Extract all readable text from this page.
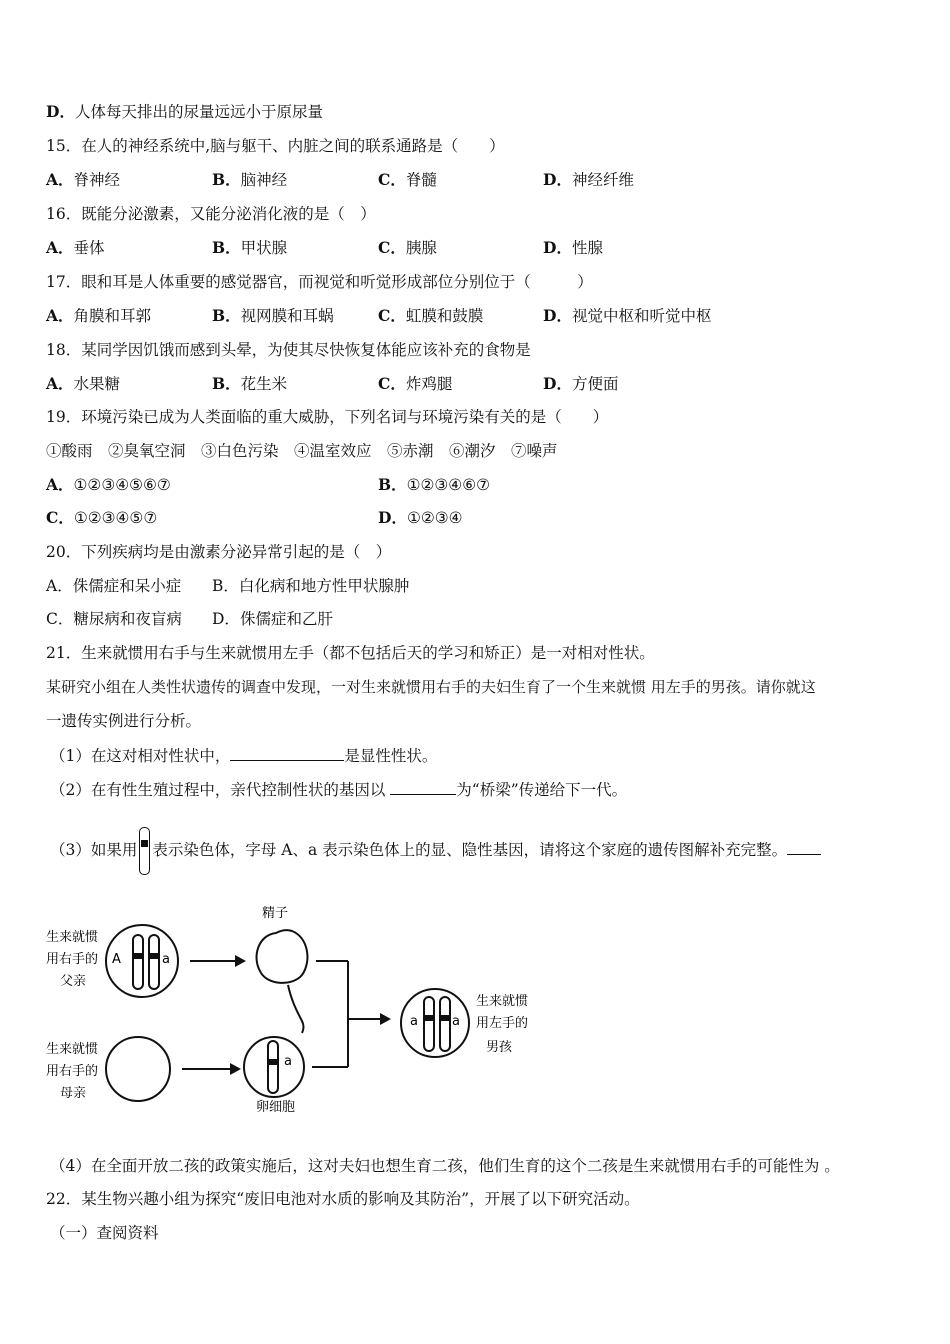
D．人体每天排出的尿量远远小于原尿量
15．在人的神经系统中,脑与躯干、内脏之间的联系通路是（　　）
A．脊神经	B．脑神经	C．脊髓	D．神经纤维
16．既能分泌激素，又能分泌消化液的是（　）
A．垂体	B．甲状腺	C．胰腺	D．性腺
17．眼和耳是人体重要的感觉器官，而视觉和听觉形成部位分别位于（　　　）
A．角膜和耳郭	B．视网膜和耳蜗	C．虹膜和鼓膜	D．视觉中枢和听觉中枢
18．某同学因饥饿而感到头晕，为使其尽快恢复体能应该补充的食物是
A．水果糖	B．花生米	C．炸鸡腿	D．方便面
19．环境污染已成为人类面临的重大威胁，下列名词与环境污染有关的是（　　）
①酸雨　②臭氧空洞　③白色污染　④温室效应　⑤赤潮　⑥潮汐　⑦噪声
A．①②③④⑤⑥⑦	B．①②③④⑥⑦
C．①②③④⑤⑦	D．①②③④
20．下列疾病均是由激素分泌异常引起的是（　）
A．侏儒症和呆小症 B．白化病和地方性甲状腺肿
C．糖尿病和夜盲病 D．侏儒症和乙肝
21．生来就惯用右手与生来就惯用左手（都不包括后天的学习和矫正）是一对相对性状。
某研究小组在人类性状遗传的调查中发现，一对生来就惯用右手的夫妇生育了一个生来就惯 用左手的男孩。请你就这
一遗传实例进行分析。
（1）在这对相对性状中，	是显性性状。
（2）在有性生殖过程中，亲代控制性状的基因以	为“桥梁”传递给下一代。
（3）如果用 表示染色体，字母 A、a 表示染色体上的显、隐性基因，请将这个家庭的遗传图解补充完整。
生来就惯
用右手的
父亲
A	a
精子
生来就惯
用右手的
母亲
a
卵细胞
a	a
生来就惯
用左手的
男孩
（4）在全面开放二孩的政策实施后，这对夫妇也想生育二孩，他们生育的这个二孩是生来就惯用右手的可能性为 。
22．某生物兴趣小组为探究“废旧电池对水质的影响及其防治”，开展了以下研究活动。
（一）查阅资料
